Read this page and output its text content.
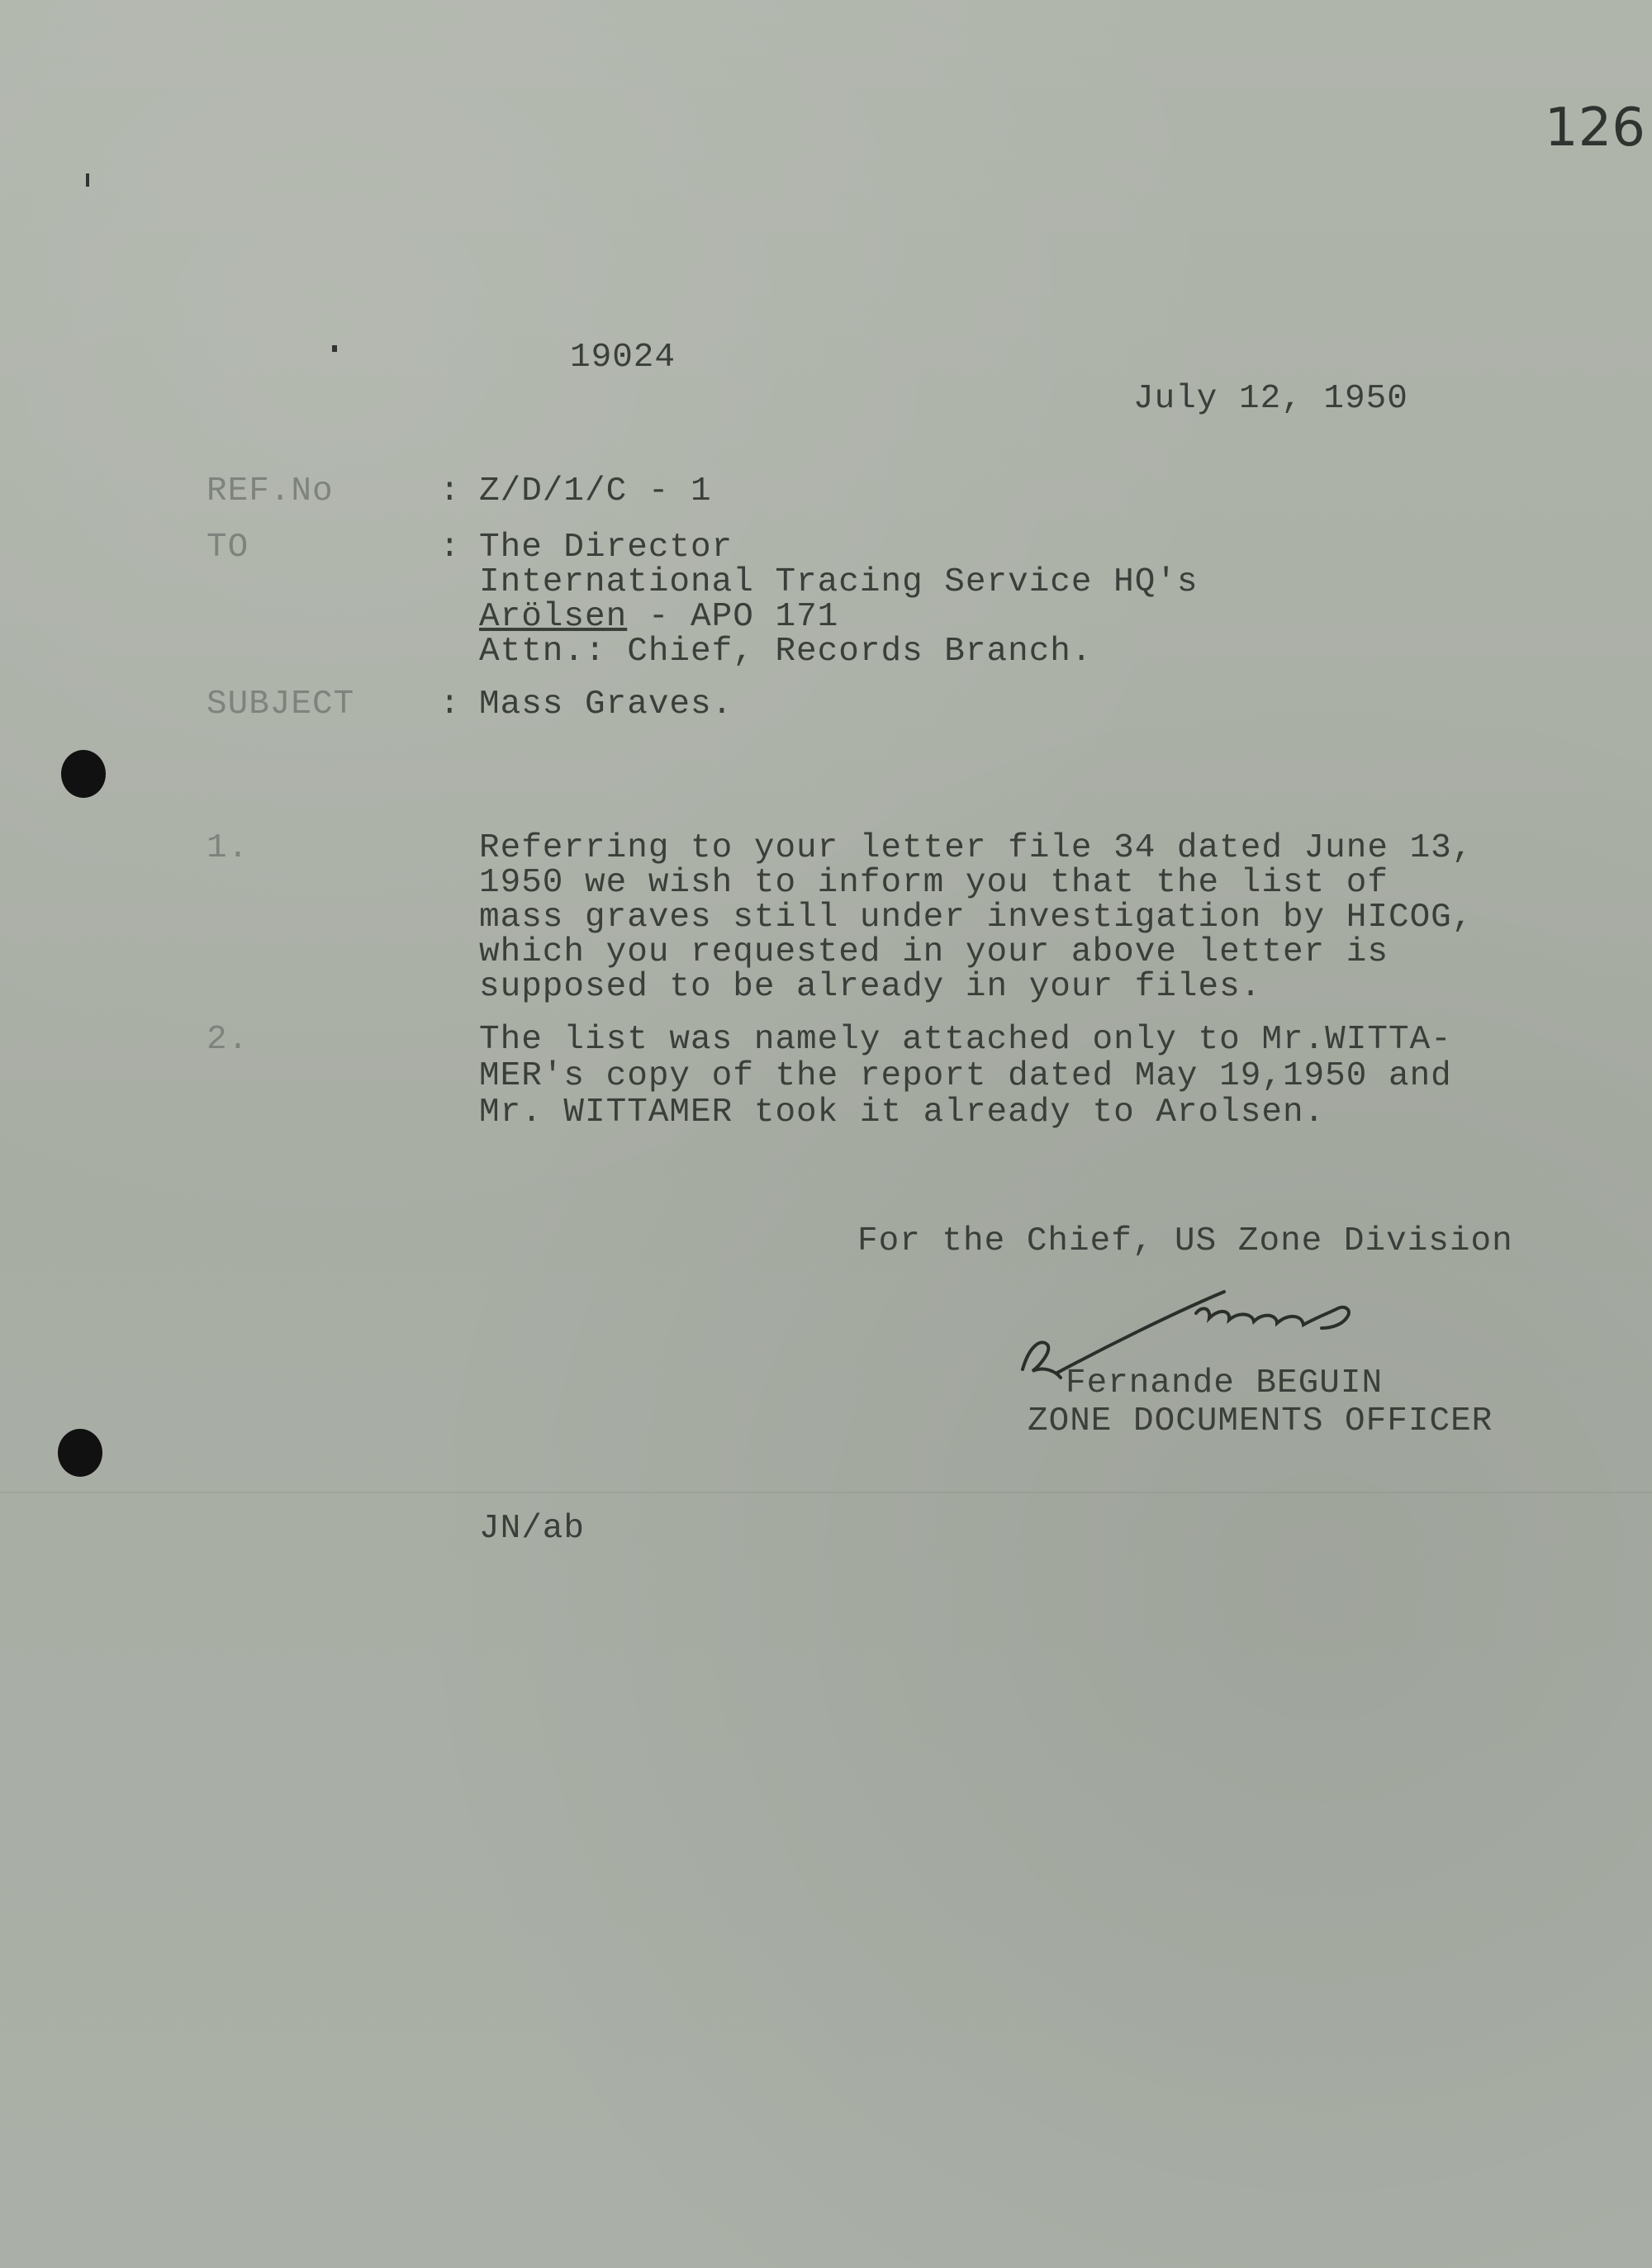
126
19024
July 12, 1950
REF.No	: Z/D/1/C - 1
TO	: The Director
International Tracing Service HQ's
Arölsen - APO 171
Attn.: Chief, Records Branch.
SUBJECT	: Mass Graves.
1.	Referring to your letter file 34 dated June 13,
1950 we wish to inform you that the list of
mass graves still under investigation by HICOG,
which you requested in your above letter is
supposed to be already in your files.
2.	The list was namely attached only to Mr.WITTA-
MER's copy of the report dated May 19,1950 and
Mr. WITTAMER took it already to Arolsen.
For the Chief, US Zone Division
Fernande BEGUIN
ZONE DOCUMENTS OFFICER
JN/ab
